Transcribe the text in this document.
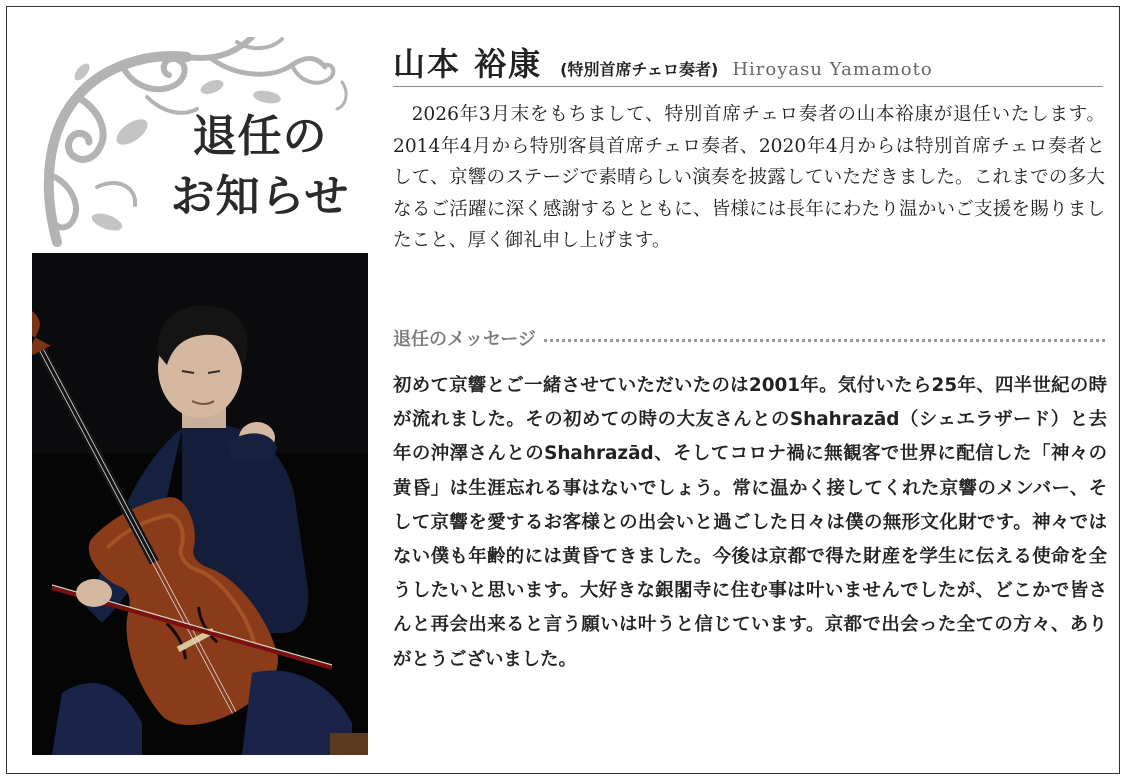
退任の
お知らせ
山本 裕康 (特別首席チェロ奏者) Hiroyasu Yamamoto

2026年3月末をもちまして、特別首席チェロ奏者の山本裕康が退任いたします。2014年4月から特別客員首席チェロ奏者、2020年4月からは特別首席チェロ奏者として、京響のステージで素晴らしい演奏を披露していただきました。これまでの多大なるご活躍に深く感謝するとともに、皆様には長年にわたり温かいご支援を賜りましたこと、厚く御礼申し上げます。

退任のメッセージ

初めて京響とご一緒させていただいたのは2001年。気付いたら25年、四半世紀の時が流れました。その初めての時の大友さんとのShahrazād（シェエラザード）と去年の沖澤さんとのShahrazād、そしてコロナ禍に無観客で世界に配信した「神々の黄昏」は生涯忘れる事はないでしょう。常に温かく接してくれた京響のメンバー、そして京響を愛するお客様との出会いと過ごした日々は僕の無形文化財です。神々ではない僕も年齢的には黄昏てきました。今後は京都で得た財産を学生に伝える使命を全うしたいと思います。大好きな銀閣寺に住む事は叶いませんでしたが、どこかで皆さんと再会出来ると言う願いは叶うと信じています。京都で出会った全ての方々、ありがとうございました。
